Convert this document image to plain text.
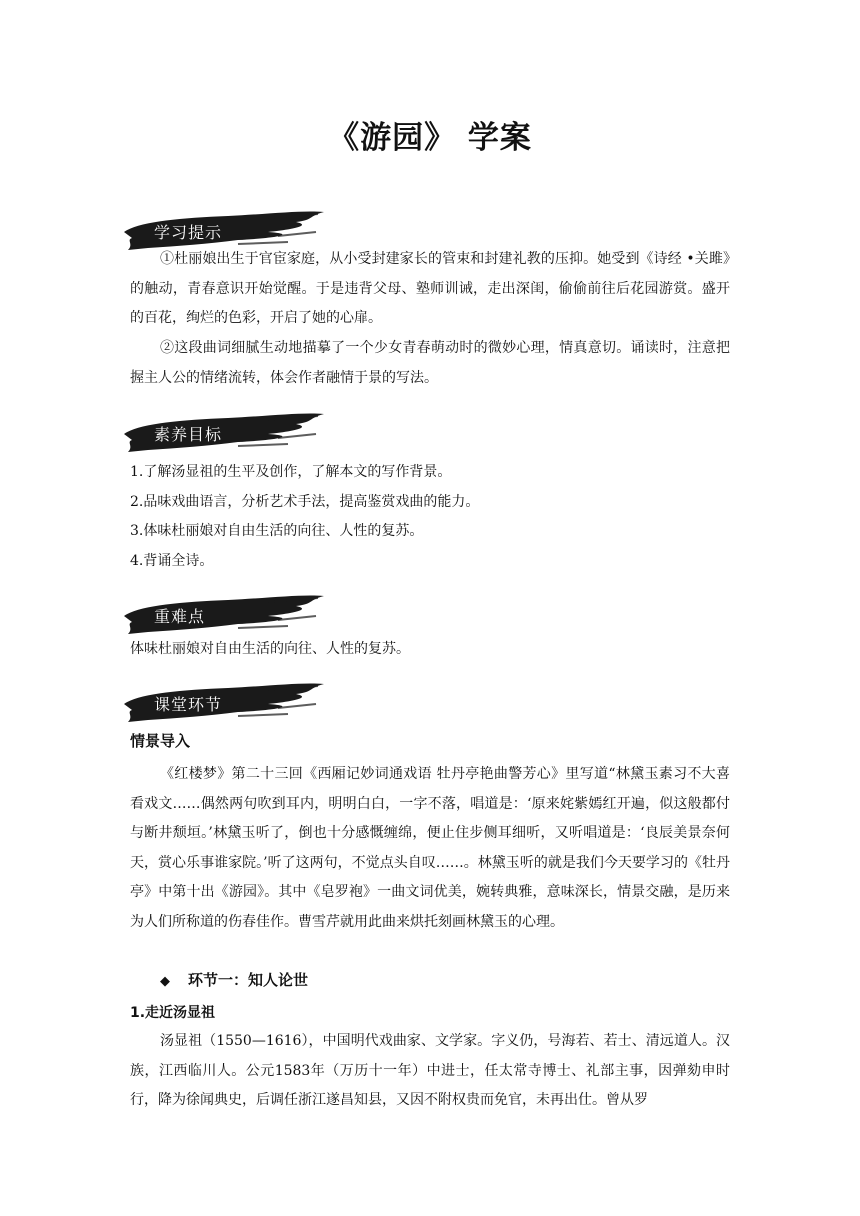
《游园》 学案
学习提示
①杜丽娘出生于官宦家庭，从小受封建家长的管束和封建礼教的压抑。她受到《诗经 •关雎》的触动，青春意识开始觉醒。于是违背父母、塾师训诫，走出深闺，偷偷前往后花园游赏。盛开的百花，绚烂的色彩，开启了她的心扉。
②这段曲词细腻生动地描摹了一个少女青春萌动时的微妙心理，情真意切。诵读时，注意把握主人公的情绪流转，体会作者融情于景的写法。
素养目标
1.了解汤显祖的生平及创作，了解本文的写作背景。
2.品味戏曲语言，分析艺术手法，提高鉴赏戏曲的能力。
3.体味杜丽娘对自由生活的向往、人性的复苏。
4.背诵全诗。
重难点
体味杜丽娘对自由生活的向往、人性的复苏。
课堂环节
情景导入
《红楼梦》第二十三回《西厢记妙词通戏语 牡丹亭艳曲警芳心》里写道“林黛玉素习不大喜看戏文……偶然两句吹到耳内，明明白白，一字不落，唱道是：‘原来姹紫嫣红开遍，似这般都付与断井颓垣。’林黛玉听了，倒也十分感慨缠绵，便止住步侧耳细听，又听唱道是：‘良辰美景奈何天，赏心乐事谁家院。’听了这两句，不觉点头自叹……。林黛玉听的就是我们今天要学习的《牡丹亭》中第十出《游园》。其中《皂罗袍》一曲文词优美，婉转典雅，意味深长，情景交融，是历来为人们所称道的伤春佳作。曹雪芹就用此曲来烘托刻画林黛玉的心理。
◆ 环节一：知人论世
1.走近汤显祖
汤显祖（1550—1616），中国明代戏曲家、文学家。字义仍，号海若、若士、清远道人。汉族，江西临川人。公元1583年（万历十一年）中进士，任太常寺博士、礼部主事，因弹劾申时行，降为徐闻典史，后调任浙江遂昌知县，又因不附权贵而免官，未再出仕。曾从罗
